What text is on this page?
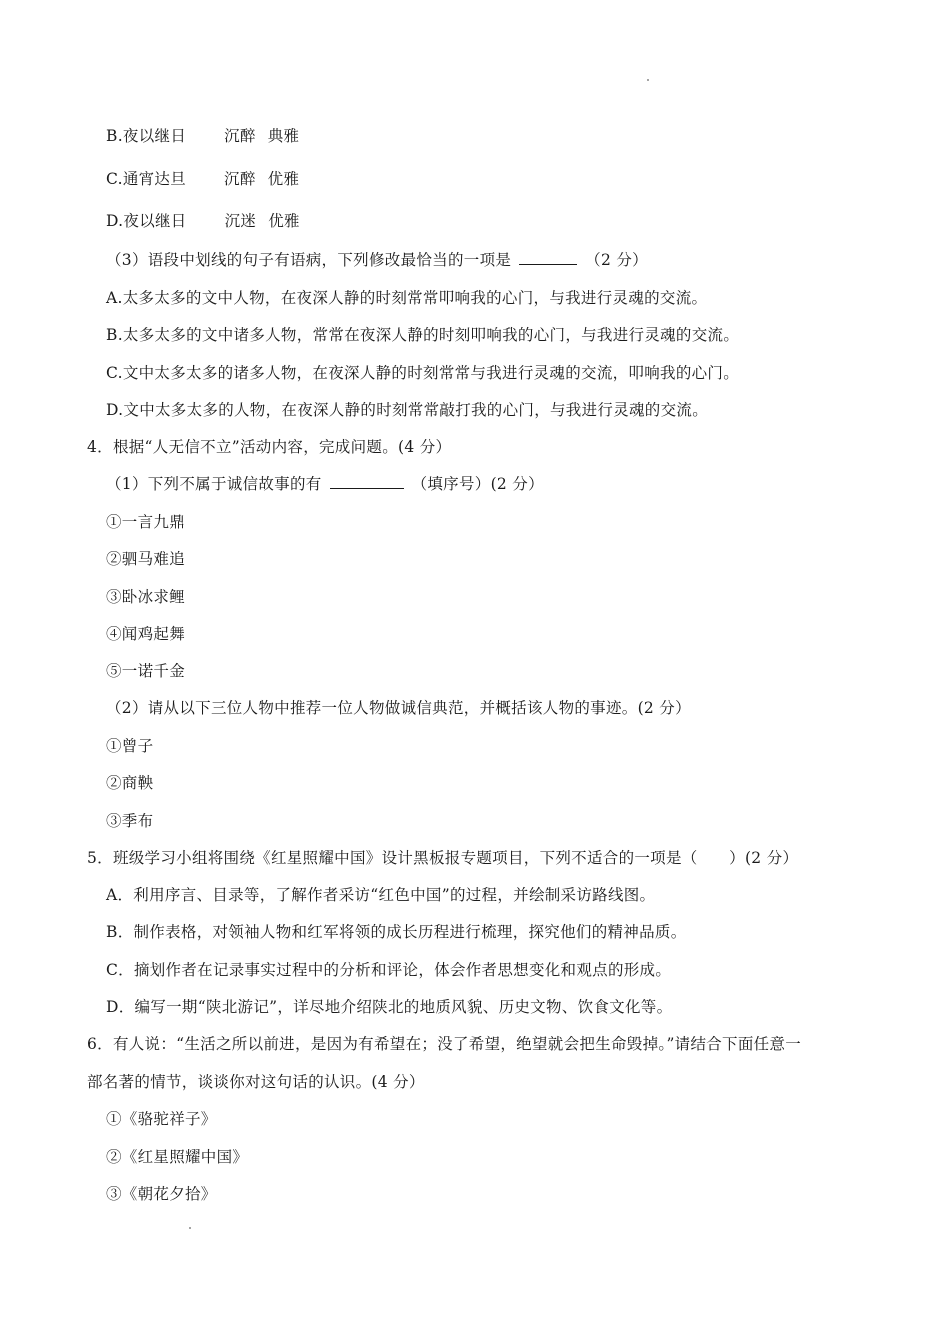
B.夜以继日 沉醉 典雅
C.通宵达旦 沉醉 优雅
D.夜以继日 沉迷 优雅
（3）语段中划线的句子有语病，下列修改最恰当的一项是	（2 分）
A.太多太多的文中人物，在夜深人静的时刻常常叩响我的心门，与我进行灵魂的交流。
B.太多太多的文中诸多人物，常常在夜深人静的时刻叩响我的心门，与我进行灵魂的交流。
C.文中太多太多的诸多人物，在夜深人静的时刻常常与我进行灵魂的交流，叩响我的心门。
D.文中太多太多的人物，在夜深人静的时刻常常敲打我的心门，与我进行灵魂的交流。
4．根据“人无信不立”活动内容，完成问题。(4 分）
（1）下列不属于诚信故事的有	（填序号）(2 分）
①一言九鼎
②驷马难追
③卧冰求鲤
④闻鸡起舞
⑤一诺千金
（2）请从以下三位人物中推荐一位人物做诚信典范，并概括该人物的事迹。(2 分）
①曾子
②商鞅
③季布
5．班级学习小组将围绕《红星照耀中国》设计黑板报专题项目，下列不适合的一项是（　　）(2 分）
A．利用序言、目录等，了解作者采访“红色中国”的过程，并绘制采访路线图。
B．制作表格，对领袖人物和红军将领的成长历程进行梳理，探究他们的精神品质。
C．摘划作者在记录事实过程中的分析和评论，体会作者思想变化和观点的形成。
D．编写一期“陕北游记”，详尽地介绍陕北的地质风貌、历史文物、饮食文化等。
6．有人说：“生活之所以前进，是因为有希望在；没了希望，绝望就会把生命毁掉。”请结合下面任意一
部名著的情节，谈谈你对这句话的认识。(4 分）
①《骆驼祥子》
②《红星照耀中国》
③《朝花夕拾》
